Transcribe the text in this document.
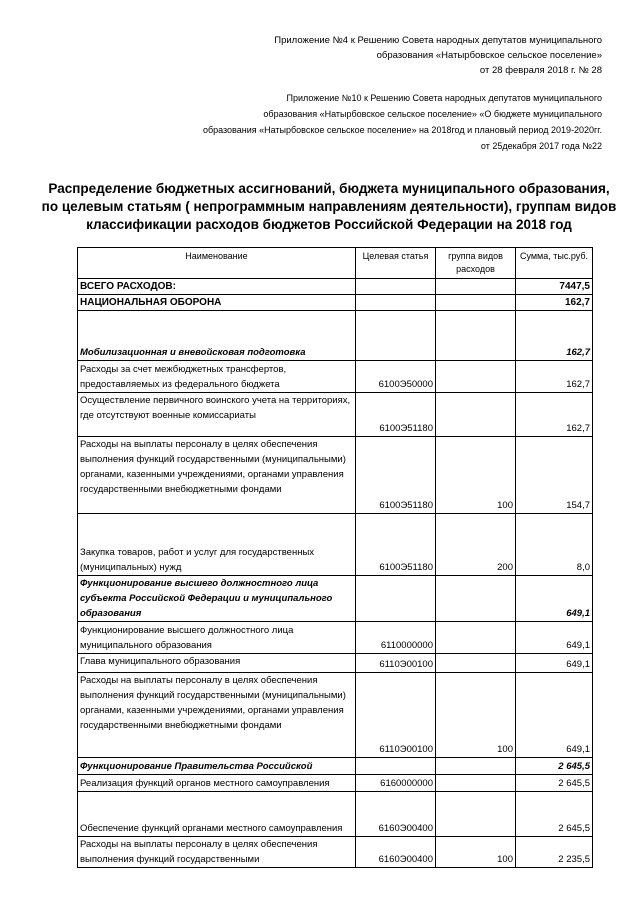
Приложение №4 к Решению Совета народных депутатов муниципального
образования «Натырбовское сельское поселение»
от 28 февраля 2018 г. № 28
Приложение №10 к Решению Совета народных депутатов муниципального
образования «Натырбовское сельское поселение» «О бюджете муниципального
образования «Натырбовское сельское поселение» на 2018год и плановый период 2019-2020гг.
от 25декабря 2017 года №22
Распределение бюджетных ассигнований, бюджета муниципального образования,
по целевым статьям ( непрограммным направлениям деятельности), группам видов
классификации расходов бюджетов Российской Федерации на 2018 год
Наименование	Целевая статья	группа видов расходов	Сумма, тыс.руб.
ВСЕГО РАСХОДОВ:			7447,5
НАЦИОНАЛЬНАЯ ОБОРОНА			162,7
Мобилизационная и вневойсковая подготовка			162,7
Расходы за счет межбюджетных трансфертов, предоставляемых из федерального бюджета	6100Э50000		162,7
Осуществление первичного воинского учета на территориях, где отсутствуют военные комиссариаты	6100Э51180		162,7
Расходы на выплаты персоналу в целях обеспечения выполнения функций государственными (муниципальными) органами, казенными учреждениями, органами управления государственными внебюджетными фондами	6100Э51180	100	154,7
Закупка товаров, работ и услуг для государственных (муниципальных) нужд	6100Э51180	200	8,0
Функционирование высшего должностного лица субъекта Российской Федерации и муниципального образования			649,1
Функционирование высшего должностного лица муниципального образования	6110000000		649,1
Глава муниципального образования	6110Э00100		649,1
Расходы на выплаты персоналу в целях обеспечения выполнения функций государственными (муниципальными) органами, казенными учреждениями, органами управления государственными внебюджетными фондами	6110Э00100	100	649,1
Функционирование Правительства Российской			2 645,5
Реализация функций органов местного самоуправления	6160000000		2 645,5
Обеспечение функций органами местного самоуправления	6160Э00400		2 645,5
Расходы на выплаты персоналу в целях обеспечения выполнения функций государственными	6160Э00400	100	2 235,5
